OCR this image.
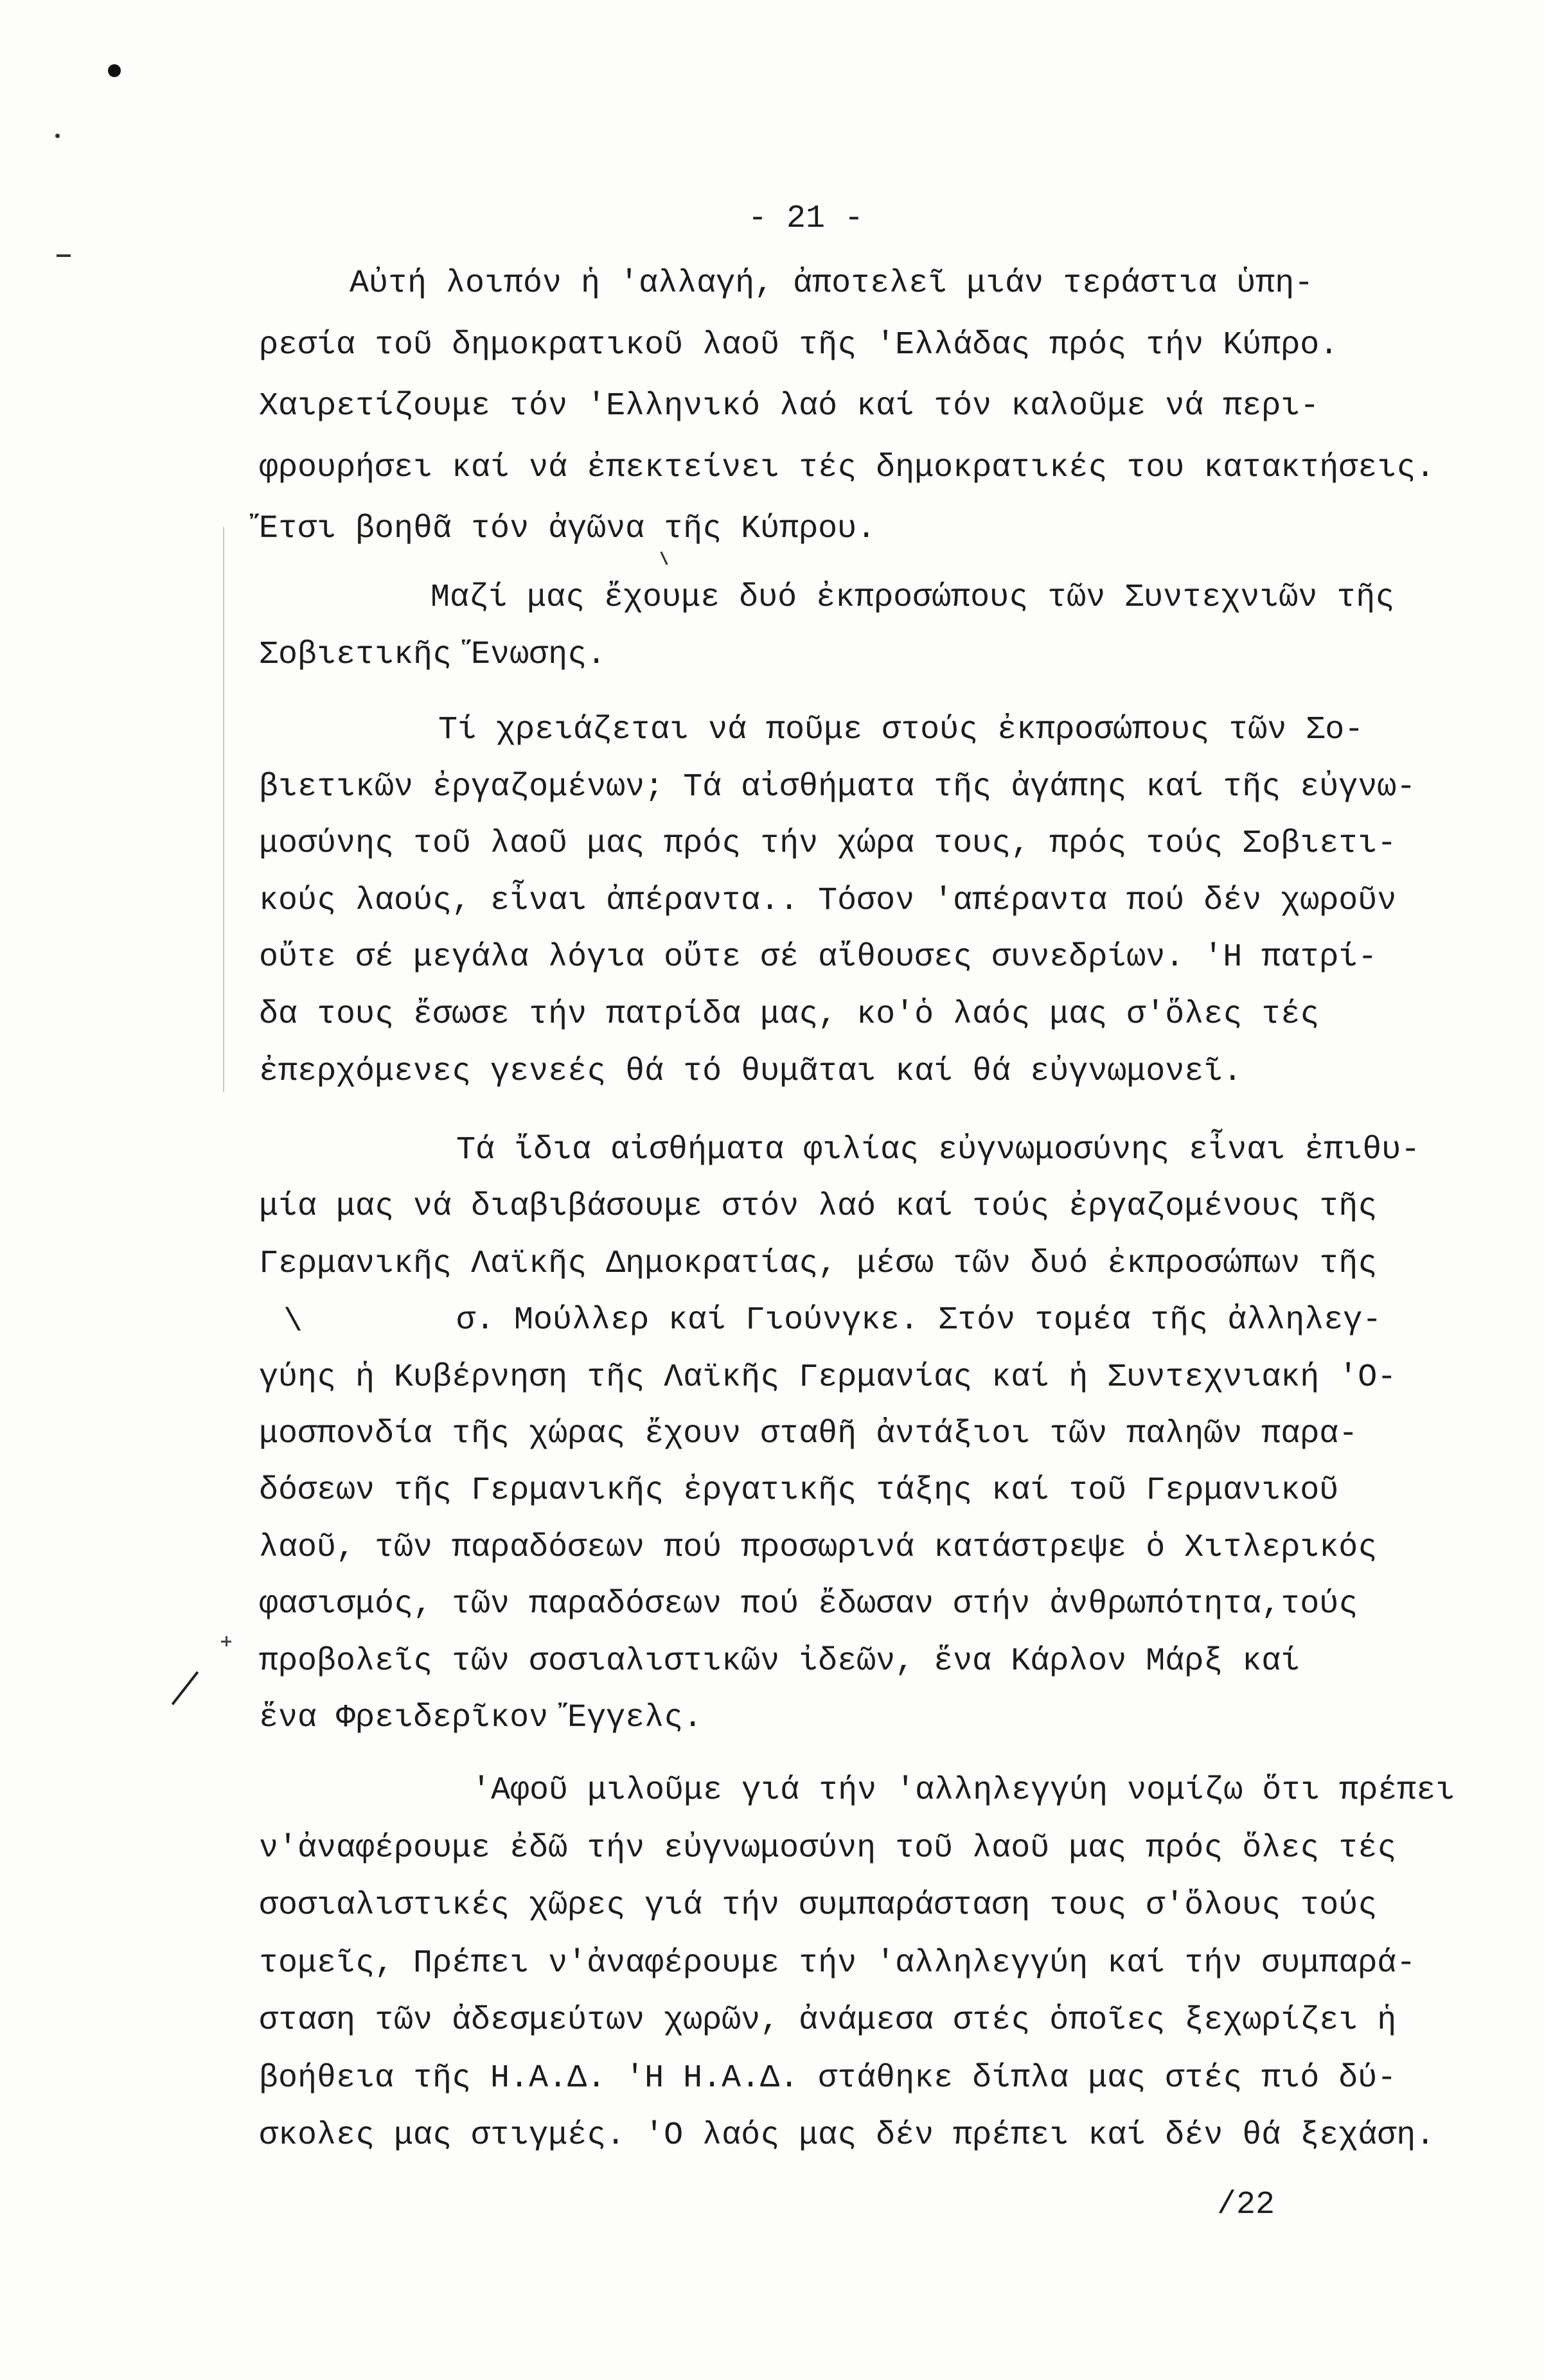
- 21 -
Αὐτή λοιπόν ἡ 'αλλαγή, ἀποτελεῖ μιάν τεράστια ὑπη-
ρεσία τοῦ δημοκρατικοῦ λαοῦ τῆς 'Ελλάδας πρός τήν Κύπρο.
Χαιρετίζουμε τόν 'Ελληνικό λαό καί τόν καλοῦμε νά περι-
φρουρήσει καί νά ἐπεκτείνει τές δημοκρατικές του κατακτήσεις.
Ἔτσι βοηθᾶ τόν ἀγῶνα τῆς Κύπρου.
Μαζί μας ἔχουμε δυό ἐκπροσώπους τῶν Συντεχνιῶν τῆς
Σοβιετικῆς Ἕνωσης.
Τί χρειάζεται νά ποῦμε στούς ἐκπροσώπους τῶν Σο-
βιετικῶν ἐργαζομένων; Τά αἰσθήματα τῆς ἀγάπης καί τῆς εὐγνω-
μοσύνης τοῦ λαοῦ μας πρός τήν χώρα τους, πρός τούς Σοβιετι-
κούς λαούς, εἶναι ἀπέραντα.. Τόσον 'απέραντα πού δέν χωροῦν
οὔτε σέ μεγάλα λόγια οὔτε σέ αἴθουσες συνεδρίων. 'Η πατρί-
δα τους ἔσωσε τήν πατρίδα μας, κο'ὁ λαός μας σ'ὅλες τές
ἐπερχόμενες γενεές θά τό θυμᾶται καί θά εὐγνωμονεῖ.
\
Τά ἴδια αἰσθήματα φιλίας εὐγνωμοσύνης εἶναι ἐπιθυ-
μία μας νά διαβιβάσουμε στόν λαό καί τούς ἐργαζομένους τῆς
Γερμανικῆς Λαϊκῆς Δημοκρατίας, μέσω τῶν δυό ἐκπροσώπων τῆς
σ. Μούλλερ καί Γιούνγκε. Στόν τομέα τῆς ἀλληλεγ-
γύης ἡ Κυβέρνηση τῆς Λαϊκῆς Γερμανίας καί ἡ Συντεχνιακή 'Ο-
μοσπονδία τῆς χώρας ἔχουν σταθῆ ἀντάξιοι τῶν παληῶν παρα-
δόσεων τῆς Γερμανικῆς ἐργατικῆς τάξης καί τοῦ Γερμανικοῦ
λαοῦ, τῶν παραδόσεων πού προσωρινά κατάστρεψε ὁ Χιτλερικός
φασισμός, τῶν παραδόσεων πού ἔδωσαν στήν ἀνθρωπότητα,τούς
προβολεῖς τῶν σοσιαλιστικῶν ἰδεῶν, ἕνα Κάρλον Μάρξ καί
ἕνα Φρειδερῖκον Ἔγγελς.
'Αφοῦ μιλοῦμε γιά τήν 'αλληλεγγύη νομίζω ὅτι πρέπει
ν'ἀναφέρουμε ἐδῶ τήν εὐγνωμοσύνη τοῦ λαοῦ μας πρός ὅλες τές
σοσιαλιστικές χῶρες γιά τήν συμπαράσταση τους σ'ὅλους τούς
τομεῖς, Πρέπει ν'ἀναφέρουμε τήν 'αλληλεγγύη καί τήν συμπαρά-
σταση τῶν ἀδεσμεύτων χωρῶν, ἀνάμεσα στές ὁποῖες ξεχωρίζει ἡ
βοήθεια τῆς Η.Α.Δ. 'Η Η.Α.Δ. στάθηκε δίπλα μας στές πιό δύ-
σκολες μας στιγμές. 'Ο λαός μας δέν πρέπει καί δέν θά ξεχάση.
/22
